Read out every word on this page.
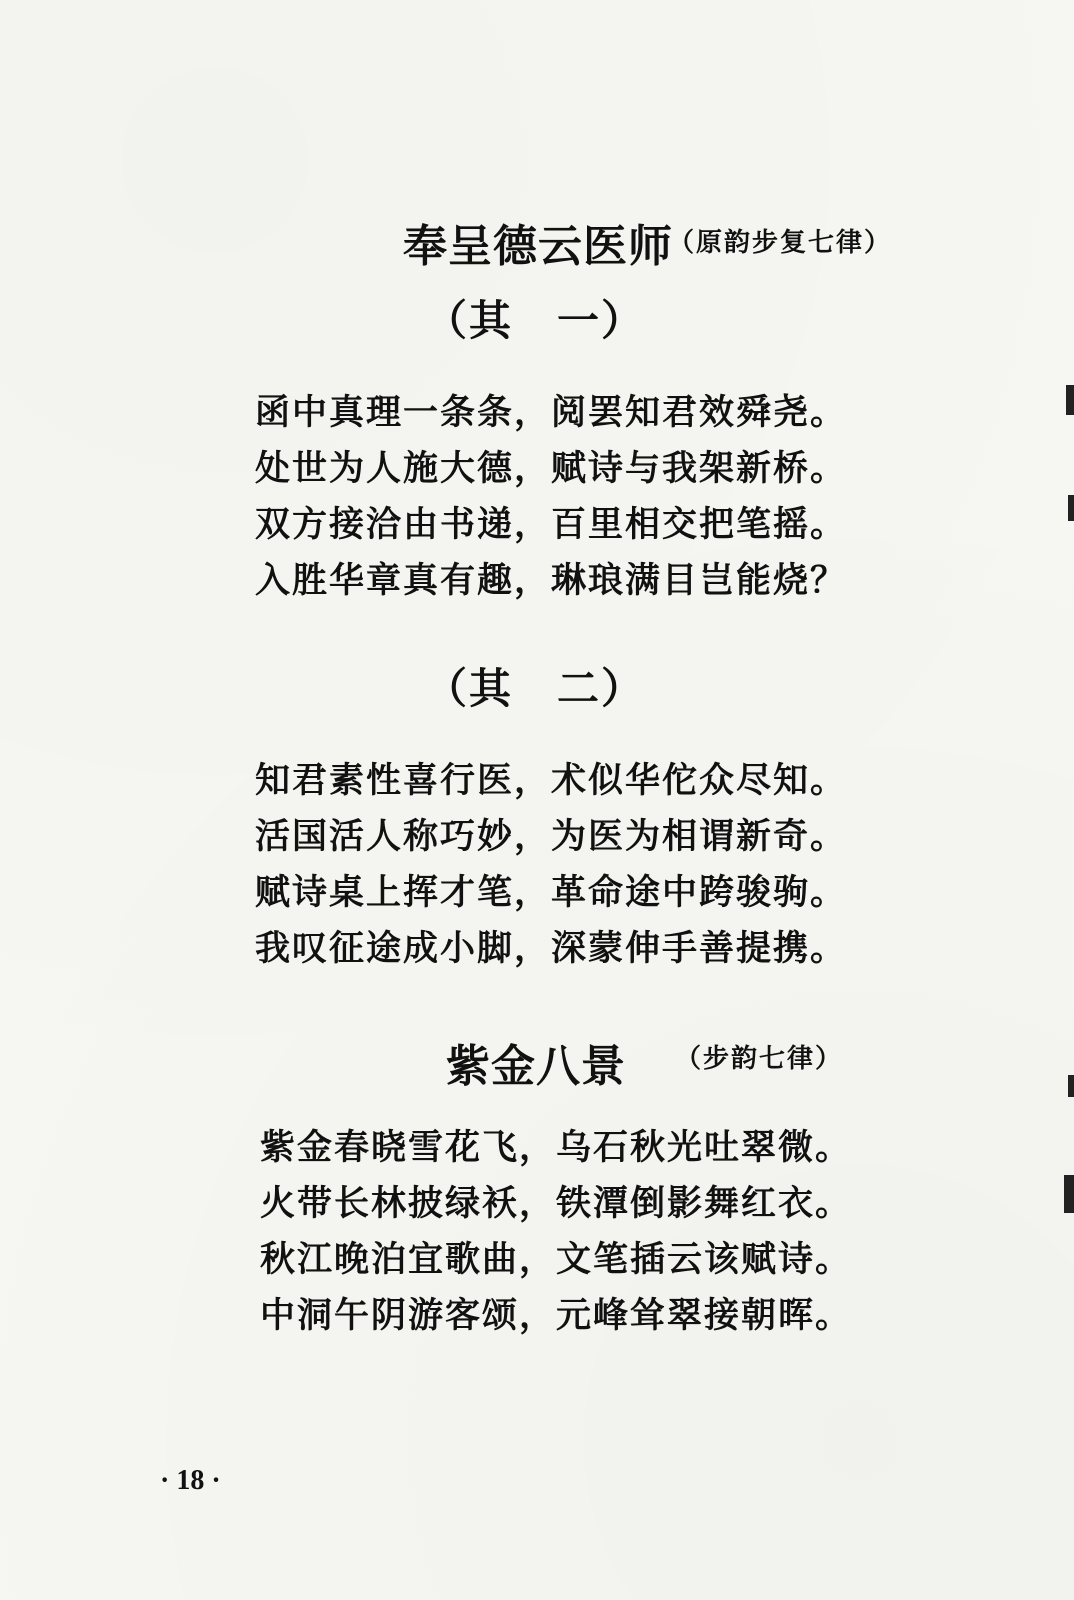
奉呈德云医师
（原韵步复七律）
（其　一）
函中真理一条条，阅罢知君效舜尧。
处世为人施大德，赋诗与我架新桥。
双方接洽由书递，百里相交把笔摇。
入胜华章真有趣，琳琅满目岂能烧？
（其　二）
知君素性喜行医，术似华佗众尽知。
活国活人称巧妙，为医为相谓新奇。
赋诗桌上挥才笔，革命途中跨骏驹。
我叹征途成小脚，深蒙伸手善提携。
紫金八景 （步韵七律）
紫金春晓雪花飞，乌石秋光吐翠微。
火带长林披绿袄，铁潭倒影舞红衣。
秋江晚泊宜歌曲，文笔插云该赋诗。
中洞午阴游客颂，元峰耸翠接朝晖。
· 18 ·
